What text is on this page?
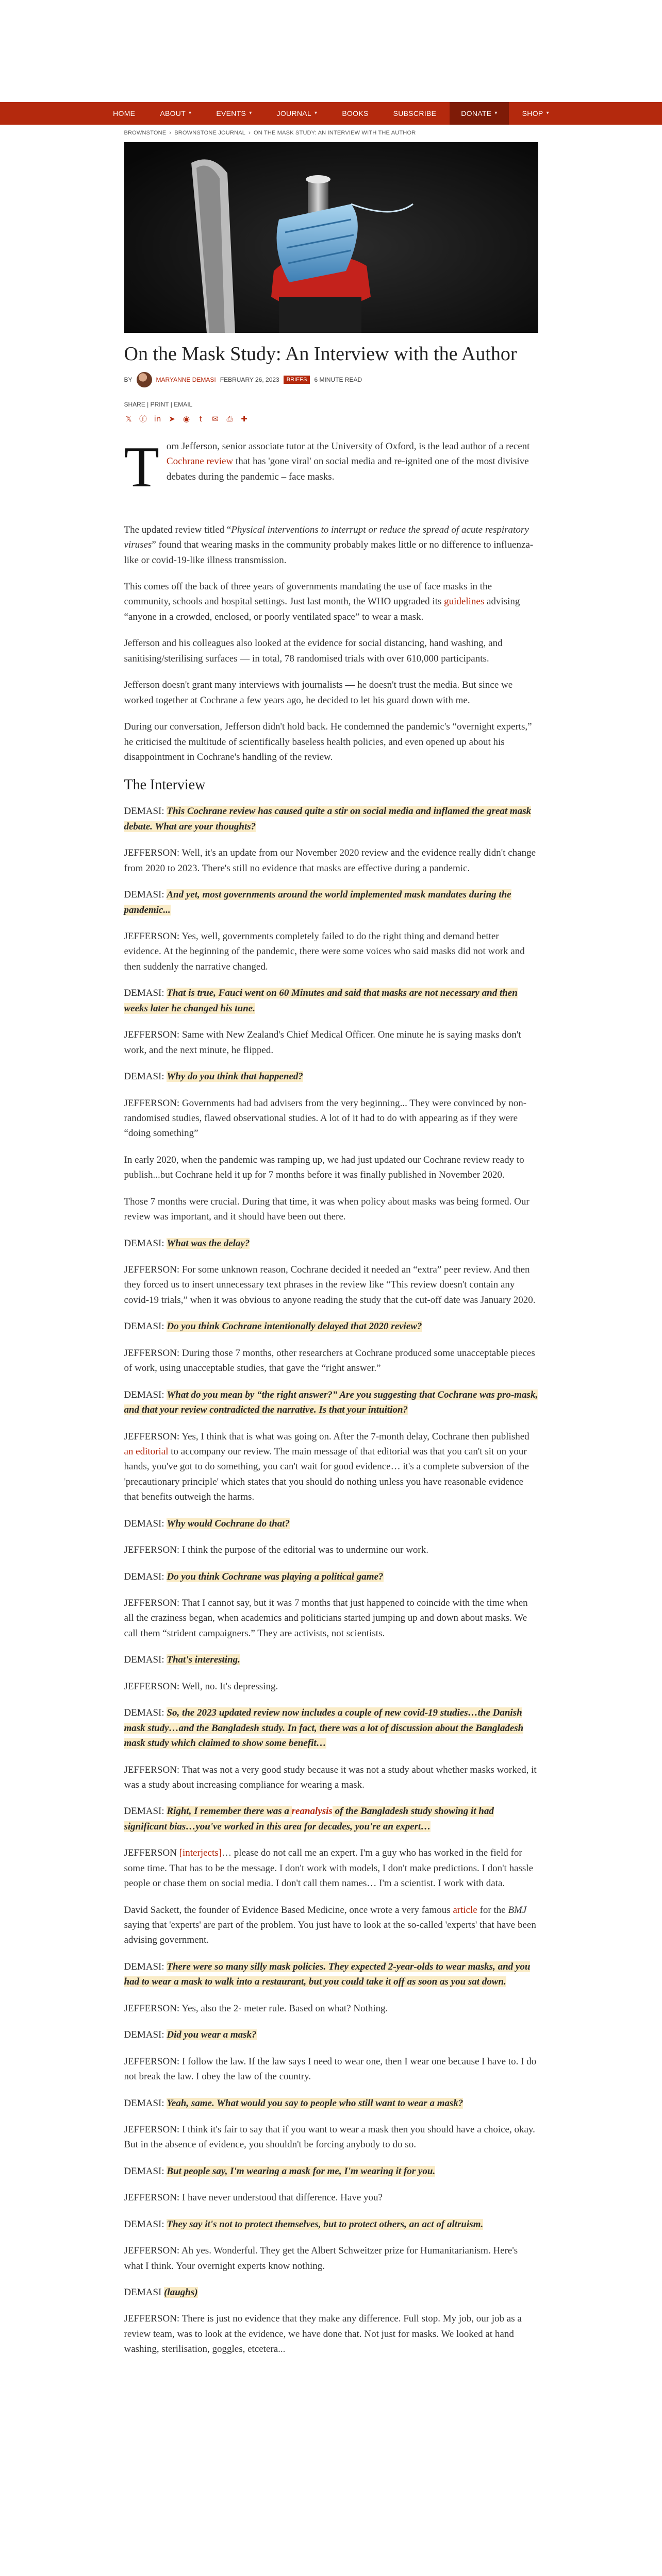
HOME	ABOUT ▾	EVENTS ▾	JOURNAL ▾	BOOKS	SUBSCRIBE	DONATE ▾	SHOP ▾
BROWNSTONE › BROWNSTONE JOURNAL › ON THE MASK STUDY: AN INTERVIEW WITH THE AUTHOR
On the Mask Study: An Interview with the Author
BY	MARYANNE DEMASI FEBRUARY 26, 2023	BRIEFS	6 MINUTE READ
SHARE | PRINT | EMAIL
𝕏 ⓕ in ➤ ◉	t	✉ ⎙ ✚

Tom Jefferson, senior associate tutor at the University of Oxford, is the lead author of a recent Cochrane review that has 'gone viral' on social media and re-ignited one of the most divisive debates during the pandemic – face masks.

The updated review titled “Physical interventions to interrupt or reduce the spread of acute respiratory viruses” found that wearing masks in the community probably makes little or no difference to influenza-like or covid-19-like illness transmission.

This comes off the back of three years of governments mandating the use of face masks in the community, schools and hospital settings. Just last month, the WHO upgraded its guidelines advising “anyone in a crowded, enclosed, or poorly ventilated space” to wear a mask.

Jefferson and his colleagues also looked at the evidence for social distancing, hand washing, and sanitising/sterilising surfaces — in total, 78 randomised trials with over 610,000 participants.

Jefferson doesn't grant many interviews with journalists — he doesn't trust the media. But since we worked together at Cochrane a few years ago, he decided to let his guard down with me.

During our conversation, Jefferson didn't hold back. He condemned the pandemic's “overnight experts,” he criticised the multitude of scientifically baseless health policies, and even opened up about his disappointment in Cochrane's handling of the review.

The Interview

DEMASI: This Cochrane review has caused quite a stir on social media and inflamed the great mask debate. What are your thoughts?

JEFFERSON: Well, it's an update from our November 2020 review and the evidence really didn't change from 2020 to 2023. There's still no evidence that masks are effective during a pandemic.

DEMASI: And yet, most governments around the world implemented mask mandates during the pandemic...

JEFFERSON: Yes, well, governments completely failed to do the right thing and demand better evidence. At the beginning of the pandemic, there were some voices who said masks did not work and then suddenly the narrative changed.

DEMASI: That is true, Fauci went on 60 Minutes and said that masks are not necessary and then weeks later he changed his tune.

JEFFERSON: Same with New Zealand's Chief Medical Officer. One minute he is saying masks don't work, and the next minute, he flipped.

DEMASI: Why do you think that happened?

JEFFERSON: Governments had bad advisers from the very beginning... They were convinced by non-randomised studies, flawed observational studies. A lot of it had to do with appearing as if they were “doing something”

In early 2020, when the pandemic was ramping up, we had just updated our Cochrane review ready to publish...but Cochrane held it up for 7 months before it was finally published in November 2020.

Those 7 months were crucial. During that time, it was when policy about masks was being formed. Our review was important, and it should have been out there.

DEMASI: What was the delay?

JEFFERSON: For some unknown reason, Cochrane decided it needed an “extra” peer review. And then they forced us to insert unnecessary text phrases in the review like “This review doesn't contain any covid-19 trials,” when it was obvious to anyone reading the study that the cut-off date was January 2020.

DEMASI: Do you think Cochrane intentionally delayed that 2020 review?

JEFFERSON: During those 7 months, other researchers at Cochrane produced some unacceptable pieces of work, using unacceptable studies, that gave the “right answer.”

DEMASI: What do you mean by “the right answer?” Are you suggesting that Cochrane was pro-mask, and that your review contradicted the narrative. Is that your intuition?

JEFFERSON: Yes, I think that is what was going on. After the 7-month delay, Cochrane then published an editorial to accompany our review. The main message of that editorial was that you can't sit on your hands, you've got to do something, you can't wait for good evidence… it's a complete subversion of the 'precautionary principle' which states that you should do nothing unless you have reasonable evidence that benefits outweigh the harms.

DEMASI: Why would Cochrane do that?

JEFFERSON: I think the purpose of the editorial was to undermine our work.

DEMASI: Do you think Cochrane was playing a political game?

JEFFERSON: That I cannot say, but it was 7 months that just happened to coincide with the time when all the craziness began, when academics and politicians started jumping up and down about masks. We call them “strident campaigners.” They are activists, not scientists.

DEMASI: That's interesting.

JEFFERSON: Well, no. It's depressing.

DEMASI: So, the 2023 updated review now includes a couple of new covid-19 studies…the Danish mask study…and the Bangladesh study. In fact, there was a lot of discussion about the Bangladesh mask study which claimed to show some benefit…

JEFFERSON: That was not a very good study because it was not a study about whether masks worked, it was a study about increasing compliance for wearing a mask.

DEMASI: Right, I remember there was a reanalysis of the Bangladesh study showing it had significant bias…you've worked in this area for decades, you're an expert…

JEFFERSON [interjects]… please do not call me an expert. I'm a guy who has worked in the field for some time. That has to be the message. I don't work with models, I don't make predictions. I don't hassle people or chase them on social media. I don't call them names… I'm a scientist. I work with data.

David Sackett, the founder of Evidence Based Medicine, once wrote a very famous article for the BMJ saying that 'experts' are part of the problem. You just have to look at the so-called 'experts' that have been advising government.

DEMASI: There were so many silly mask policies. They expected 2-year-olds to wear masks, and you had to wear a mask to walk into a restaurant, but you could take it off as soon as you sat down.

JEFFERSON: Yes, also the 2- meter rule. Based on what? Nothing.

DEMASI: Did you wear a mask?

JEFFERSON: I follow the law. If the law says I need to wear one, then I wear one because I have to. I do not break the law. I obey the law of the country.

DEMASI: Yeah, same. What would you say to people who still want to wear a mask?

JEFFERSON: I think it's fair to say that if you want to wear a mask then you should have a choice, okay. But in the absence of evidence, you shouldn't be forcing anybody to do so.

DEMASI: But people say, I'm wearing a mask for me, I'm wearing it for you.

JEFFERSON: I have never understood that difference. Have you?

DEMASI: They say it's not to protect themselves, but to protect others, an act of altruism.

JEFFERSON: Ah yes. Wonderful. They get the Albert Schweitzer prize for Humanitarianism. Here's what I think. Your overnight experts know nothing.

DEMASI (laughs)

JEFFERSON: There is just no evidence that they make any difference. Full stop. My job, our job as a review team, was to look at the evidence, we have done that. Not just for masks. We looked at hand washing, sterilisation, goggles, etcetera...
